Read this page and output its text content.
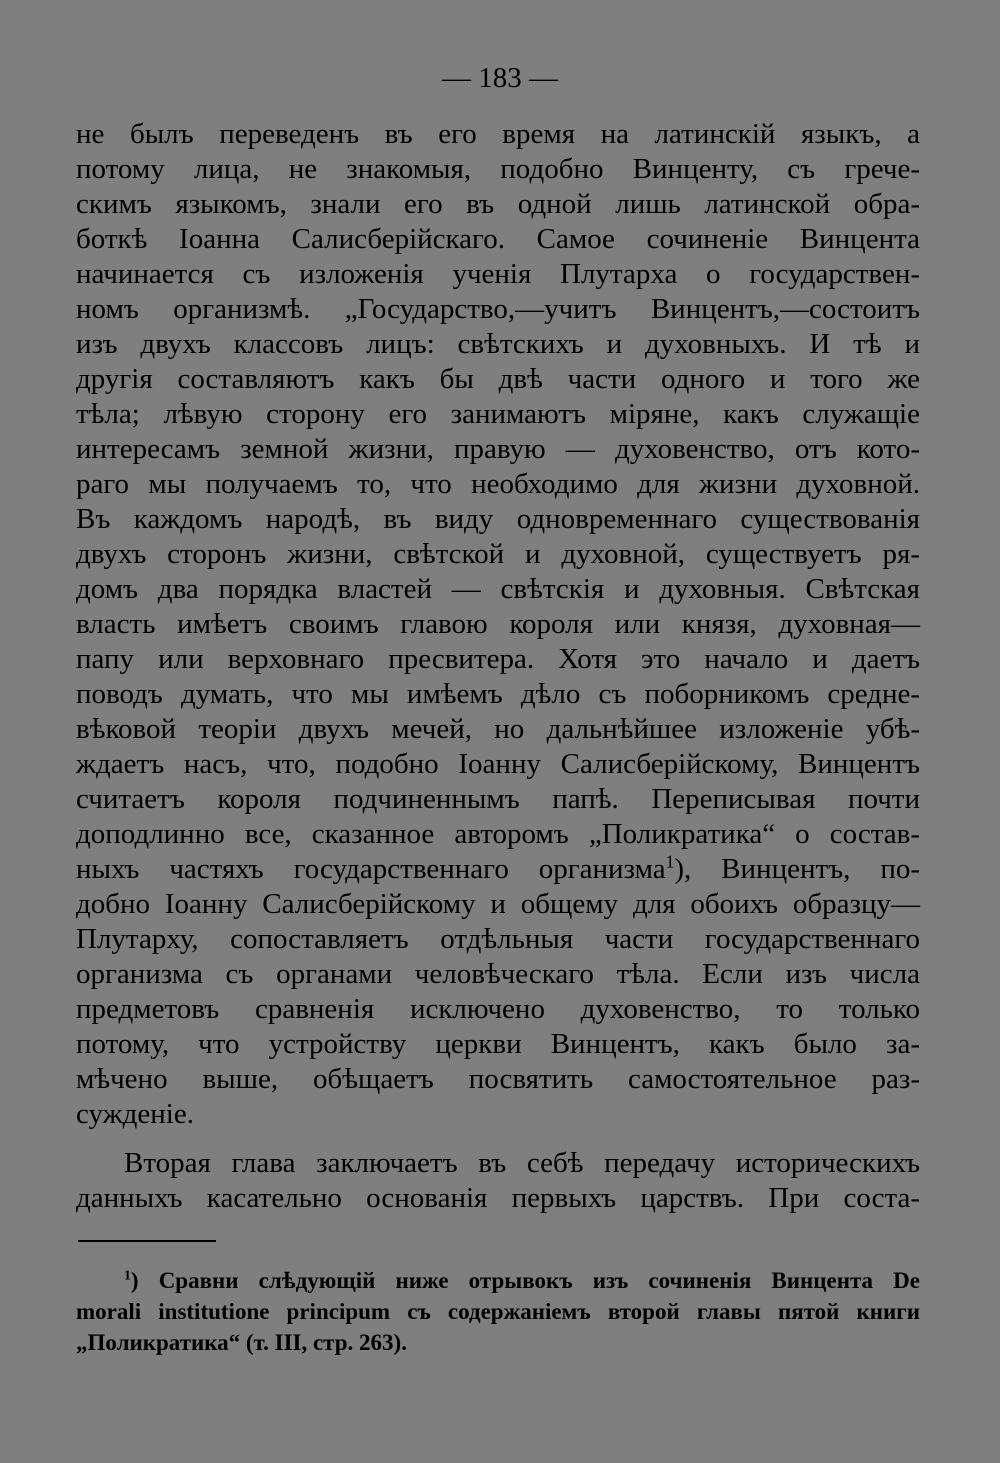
— 183 —
не былъ переведенъ въ его время на латинскій языкъ, а
потому лица, не знакомыя, подобно Винценту, съ грече-
скимъ языкомъ, знали его въ одной лишь латинской обра-
боткѣ Іоанна Салисберійскаго. Самое сочиненіе Винцента
начинается съ изложенія ученія Плутарха о государствен-
номъ организмѣ. „Государство,—учитъ Винцентъ,—состоитъ
изъ двухъ классовъ лицъ: свѣтскихъ и духовныхъ. И тѣ и
другія составляютъ какъ бы двѣ части одного и того же
тѣла; лѣвую сторону его занимаютъ міряне, какъ служащіе
интересамъ земной жизни, правую — духовенство, отъ кото-
раго мы получаемъ то, что необходимо для жизни духовной.
Въ каждомъ народѣ, въ виду одновременнаго существованія
двухъ сторонъ жизни, свѣтской и духовной, существуетъ ря-
домъ два порядка властей — свѣтскія и духовныя. Свѣтская
власть имѣетъ своимъ главою короля или князя, духовная—
папу или верховнаго пресвитера. Хотя это начало и даетъ
поводъ думать, что мы имѣемъ дѣло съ поборникомъ средне-
вѣковой теоріи двухъ мечей, но дальнѣйшее изложеніе убѣ-
ждаетъ насъ, что, подобно Іоанну Салисберійскому, Винцентъ
считаетъ короля подчиненнымъ папѣ. Переписывая почти
доподлинно все, сказанное авторомъ „Поликратика“ о состав-
ныхъ частяхъ государственнаго организма$^1$), Винцентъ, по-
добно Іоанну Салисберійскому и общему для обоихъ образцу—
Плутарху, сопоставляетъ отдѣльныя части государственнаго
организма съ органами человѣческаго тѣла. Если изъ числа
предметовъ сравненія исключено духовенство, то только
потому, что устройству церкви Винцентъ, какъ было за-
мѣчено выше, обѣщаетъ посвятить самостоятельное раз-
сужденіе.
Вторая глава заключаетъ въ себѣ передачу историческихъ
данныхъ касательно основанія первыхъ царствъ. При соста-
$^1$) Сравни слѣдующій ниже отрывокъ изъ сочиненія Винцента De
morali institutione principum съ содержаніемъ второй главы пятой книги
„Поликратика“ (т. III, стр. 263).
